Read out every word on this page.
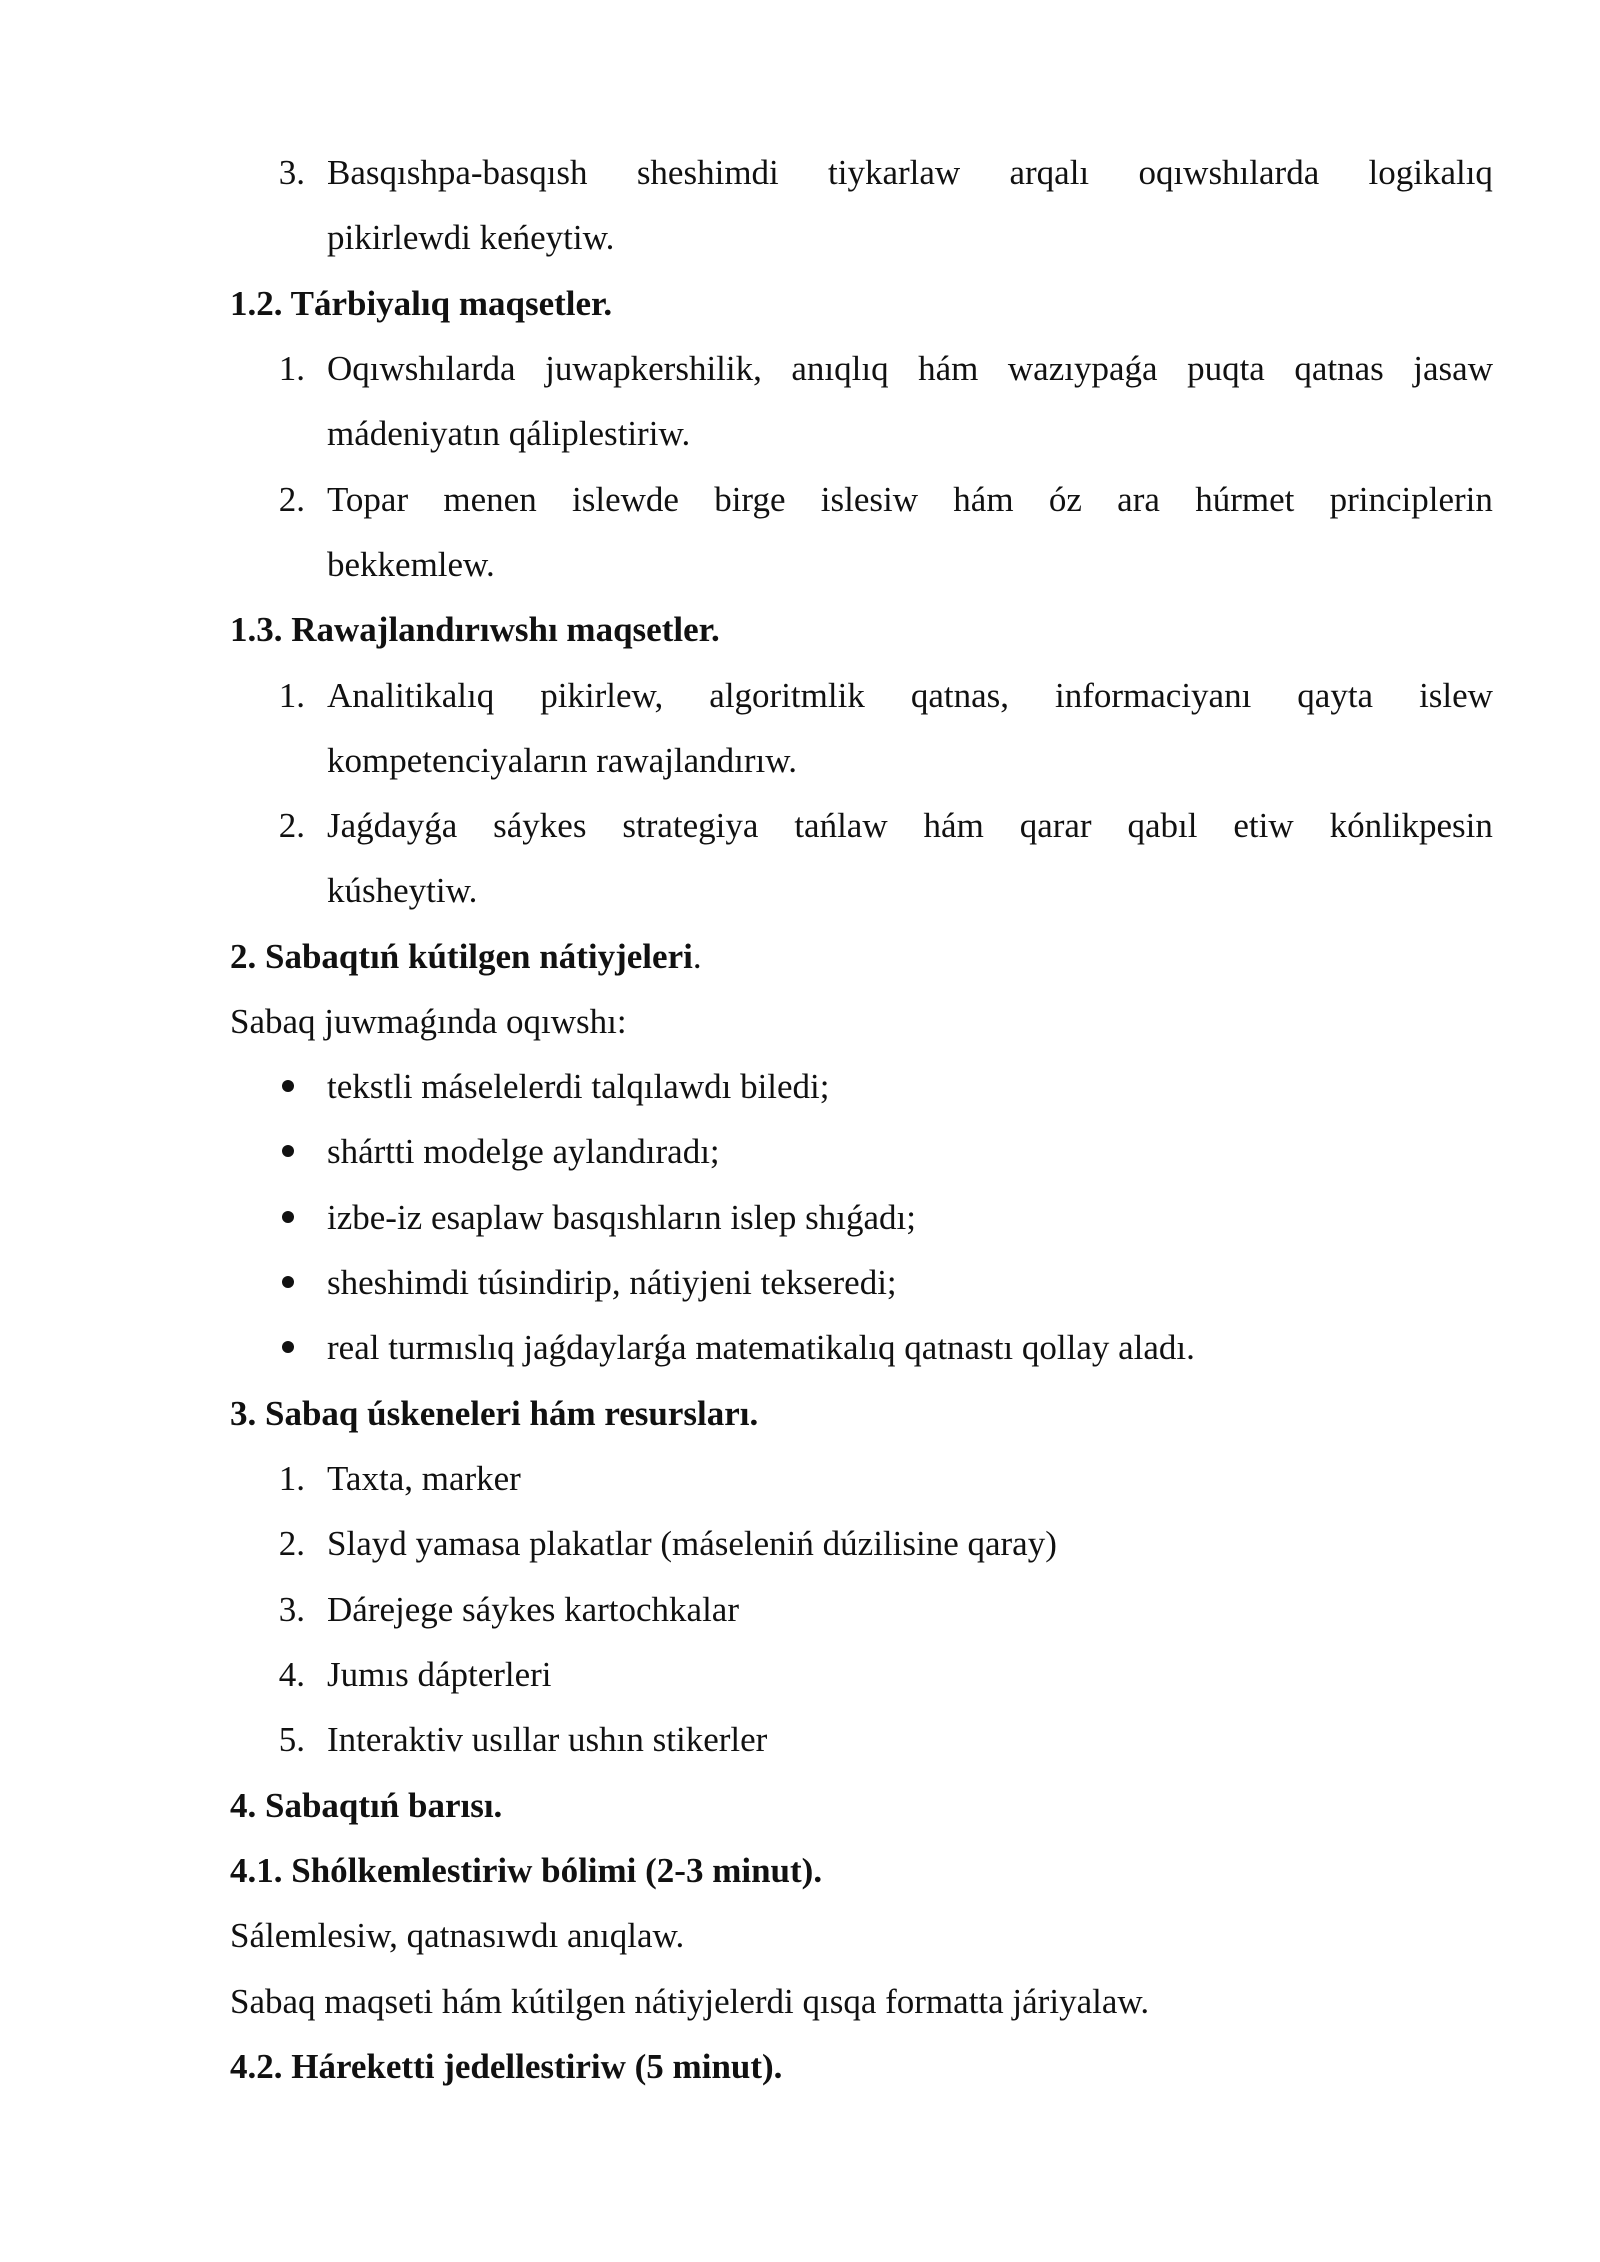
3. Basqıshpa-basqısh sheshimdi tiykarlaw arqalı oqıwshılarda logikalıq
pikirlewdi keńeytiw.
1.2. Tárbiyalıq maqsetler.
1. Oqıwshılarda juwapkershilik, anıqlıq hám wazıypaǵa puqta qatnas jasaw
mádeniyatın qáliplestiriw.
2. Topar menen islewde birge islesiw hám óz ara húrmet principlerin
bekkemlew.
1.3. Rawajlandırıwshı maqsetler.
1. Analitikalıq pikirlew, algoritmlik qatnas, informaciyanı qayta islew
kompetenciyaların rawajlandırıw.
2. Jaǵdayǵa sáykes strategiya tańlaw hám qarar qabıl etiw kónlikpesin
kúsheytiw.
2. Sabaqtıń kútilgen nátiyjeleri.
Sabaq juwmaǵında oqıwshı:
tekstli máselelerdi talqılawdı biledi;
shártti modelge aylandıradı;
izbe-iz esaplaw basqıshların islep shıǵadı;
sheshimdi túsindirip, nátiyjeni tekseredi;
real turmıslıq jaǵdaylarǵa matematikalıq qatnastı qollay aladı.
3. Sabaq úskeneleri hám resursları.
1. Taxta, marker
2. Slayd yamasa plakatlar (máseleniń dúzilisine qaray)
3. Dárejege sáykes kartochkalar
4. Jumıs dápterleri
5. Interaktiv usıllar ushın stikerler
4. Sabaqtıń barısı.
4.1. Shólkemlestiriw bólimi (2-3 minut).
Sálemlesiw, qatnasıwdı anıqlaw.
Sabaq maqseti hám kútilgen nátiyjelerdi qısqa formatta járiyalaw.
4.2. Háreketti jedellestiriw (5 minut).
